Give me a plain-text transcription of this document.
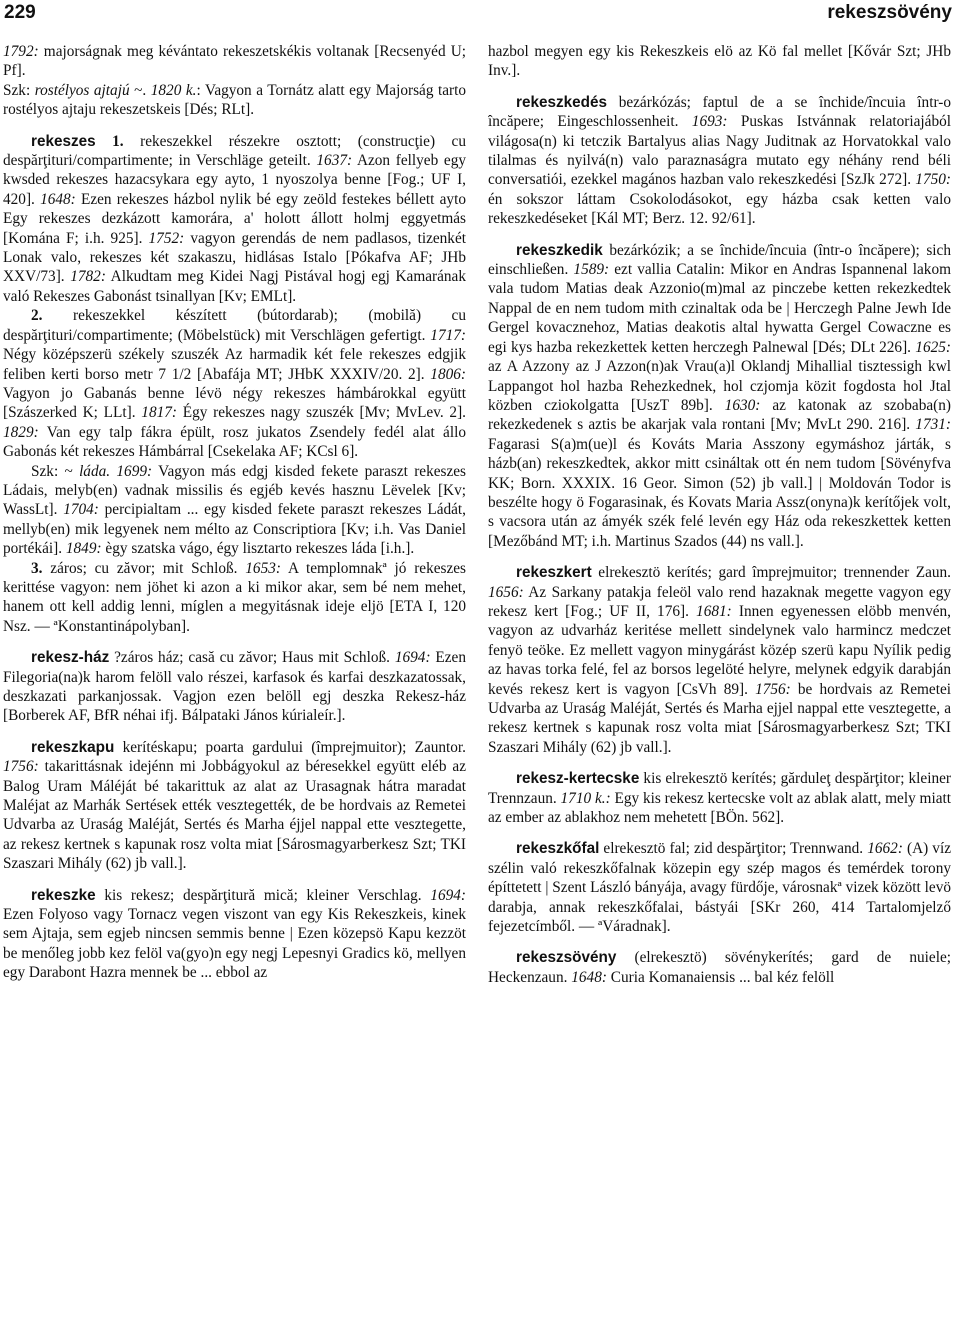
229	rekeszsövény

1792: majorságnak meg kévántato rekeszetskékis voltanak [Recsenyéd U; Pf].

Szk: rostélyos ajtajú ~. 1820 k.: Vagyon a Tornátz alatt egy Majorság tarto rostélyos ajtaju rekeszetskeis [Dés; RLt].

rekeszes 1. rekeszekkel részekre osztott; (construcţie) cu despărţituri/compartimente; in Verschläge geteilt. 1637: Azon fellyeb egy kwsded rekeszes hazacsykara egy ayto, 1 nyoszolya benne [Fog.; UF I, 420]. 1648: Ezen rekeszes házbol nylik bé egy zeöld festekes béllett ayto Egy rekeszes dezkázott kamorára, a' holott állott holmj eggyetmás [Komána F; i.h. 925]. 1752: vagyon gerendás de nem padlasos, tizenkét Lonak valo, rekeszes két szakaszu, hidlásas Istalo [Pókafva AF; JHb XXV/73]. 1782: Alkudtam meg Kidei Nagj Pistával hogj egj Kamarának való Rekeszes Gabonást tsinallyan [Kv; EMLt].

2. rekeszekkel készített (bútordarab); (mobilă) cu despărţituri/compartimente; (Möbelstück) mit Verschlägen gefertigt. 1717: Négy középszerü székely szuszék Az harmadik két fele rekeszes edgjik feliben kerti borso metr 7 1/2 [Abafája MT; JHbK XXXIV/20. 2]. 1806: Vagyon jo Gabanás benne lévö négy rekeszes hámbárokkal együtt [Szászerked K; LLt]. 1817: Égy rekeszes nagy szuszék [Mv; MvLev. 2]. 1829: Van egy talp fákra épült, rosz jukatos Zsendely fedél alat állo Gabonás két rekeszes Hámbárral [Csekelaka AF; KCsl 6].

Szk: ~ láda. 1699: Vagyon más edgj kisded fekete paraszt rekeszes Ládais, melyb(en) vadnak missilis és egjéb kevés hasznu Lëvelek [Kv; WassLt]. 1704: percipialtam ... egy kisded fekete paraszt rekeszes Ládát, mellyb(en) mik legyenek nem mélto az Conscriptiora [Kv; i.h. Vas Daniel portékái]. 1849: ègy szatska vágo, égy lisztarto rekeszes láda [i.h.].

3. záros; cu zăvor; mit Schloß. 1653: A templomnakª jó rekeszes kerittése vagyon: nem jöhet ki azon a ki mikor akar, sem bé nem mehet, hanem ott kell addig lenni, míglen a megyitásnak ideje eljö [ETA I, 120 Nsz. — ªKonstantinápolyban].

rekesz-ház ?záros ház; casă cu zăvor; Haus mit Schloß. 1694: Ezen Filegoria(na)k harom felöll valo részei, karfasok és karfai deszkazatossak, deszkazati parkanjossak. Vagjon ezen belöll egj deszka Rekesz-ház [Borberek AF, BfR néhai ifj. Bálpataki János kúrialeír.].

rekeszkapu kerítéskapu; poarta gardului (împrejmuitor); Zauntor. 1756: takarittásnak idejénn mi Jobbágyokul az béresekkel együtt eléb az Balog Uram Máléját bé takarittuk az alat az Urasagnak hátra maradat Maléjat az Marhák Sertések ették vesztegették, de be hordvais az Remetei Udvarba az Uraság Maléját, Sertés és Marha éjjel nappal ette vesztegette, az rekesz kertnek s kapunak rosz volta miat [Sárosmagyarberkesz Szt; TKI Szaszari Mihály (62) jb vall.].

rekeszke kis rekesz; despărţitură mică; kleiner Verschlag. 1694: Ezen Folyoso vagy Tornacz vegen viszont van egy Kis Rekeszkeis, kinek sem Ajtaja, sem egjeb nincsen semmis benne | Ezen közepsö Kapu kezzöt be menőleg jobb kez felöl va(gyo)n egy negj Lepesnyi Gradics kö, mellyen egy Darabont Hazra mennek be ... ebbol az

hazbol megyen egy kis Rekeszkeis elö az Kö fal mellet [Kővár Szt; JHb Inv.].

rekeszkedés bezárkózás; faptul de a se închide/încuia într-o încăpere; Eingeschlossenheit. 1693: Puskas Istvánnak relatoriajából világosa(n) ki tetczik Bartalyus alias Nagy Juditnak az Horvatokkal valo tilalmas és nyilvá(n) valo paraznaságra mutato egy néhány rend béli conversatiói, ezekkel magános hazban valo rekeszkedési [SzJk 272]. 1750: én sokszor láttam Csokolodásokot, egy házba csak ketten valo rekeszkedéseket [Kál MT; Berz. 12. 92/61].

rekeszkedik bezárkózik; a se închide/încuia (într-o încăpere); sich einschließen. 1589: ezt vallia Catalin: Mikor en Andras Ispannenal lakom vala tudom Matias deak Azzonio(m)mal az pinczebe ketten rekezkedtek Nappal de en nem tudom mith czinaltak oda be | Herczegh Palne Jewh Ide Gergel kovacznehoz, Matias deakotis altal hywatta Gergel Cowaczne es egi kys hazba rekezkettek ketten herczegh Palnewal [Dés; DLt 226]. 1625: az A Azzony az J Azzon(n)ak Vrau(a)l Oklandj Mihallial tisztessigh kwl Lappangot hol hazba Rehezkednek, hol czjomja közit fogdosta hol Jtal közben cziokolgatta [UszT 89b]. 1630: az katonak az szobaba(n) rekezkedenek s aztis be akarjak vala rontani [Mv; MvLt 290. 216]. 1731: Fagarasi S(a)m(ue)l és Kováts Maria Asszony egymáshoz járták, s házb(an) rekeszkedtek, akkor mitt csináltak ott én nem tudom [Sövényfva KK; Born. XXXIX. 16 Geor. Simon (52) jb vall.] | Moldován Todor is beszélte hogy ö Fogarasinak, és Kovats Maria Assz(onyna)k kerítőjek volt, s vacsora után az ámyék szék felé levén egy Ház oda rekeszkettek ketten [Mezőbánd MT; i.h. Martinus Szados (44) ns vall.].

rekeszkert elrekesztö kerítés; gard împrejmuitor; trennender Zaun. 1656: Az Sarkany patakja feleöl valo rend hazaknak megette vagyon egy rekesz kert [Fog.; UF II, 176]. 1681: Innen egyenessen elöbb menvén, vagyon az udvarház keritése mellett sindelynek valo harmincz medczet fenyö teöke. Ez mellett vagyon minygárást közép szerü kapu Nyílik pedig az havas torka felé, fel az borsos legelöté helyre, melynek edgyik darabján kevés rekesz kert is vagyon [CsVh 89]. 1756: be hordvais az Remetei Udvarba az Uraság Maléját, Sertés és Marha ejjel nappal ette vesztegette, a rekesz kertnek s kapunak rosz volta miat [Sárosmagyarberkesz Szt; TKI Szaszari Mihály (62) jb vall.].

rekesz-kertecske kis elrekesztö kerítés; gărduleţ despărţitor; kleiner Trennzaun. 1710 k.: Egy kis rekesz kertecske volt az ablak alatt, mely miatt az ember az ablakhoz nem mehetett [BÖn. 562].

rekeszkőfal elrekesztö fal; zid despărţitor; Trennwand. 1662: (A) víz szélin való rekeszkőfalnak közepin egy szép magos és temérdek torony építtetett | Szent László bányája, avagy fürdője, városnakª vizek között levö darabja, annak rekeszkőfalai, bástyái [SKr 260, 414 Tartalomjelző fejezetcímből. — ªVáradnak].

rekeszsövény (elrekesztö) sövénykerítés; gard de nuiele; Heckenzaun. 1648: Curia Komanaiensis ... bal kéz felöll
